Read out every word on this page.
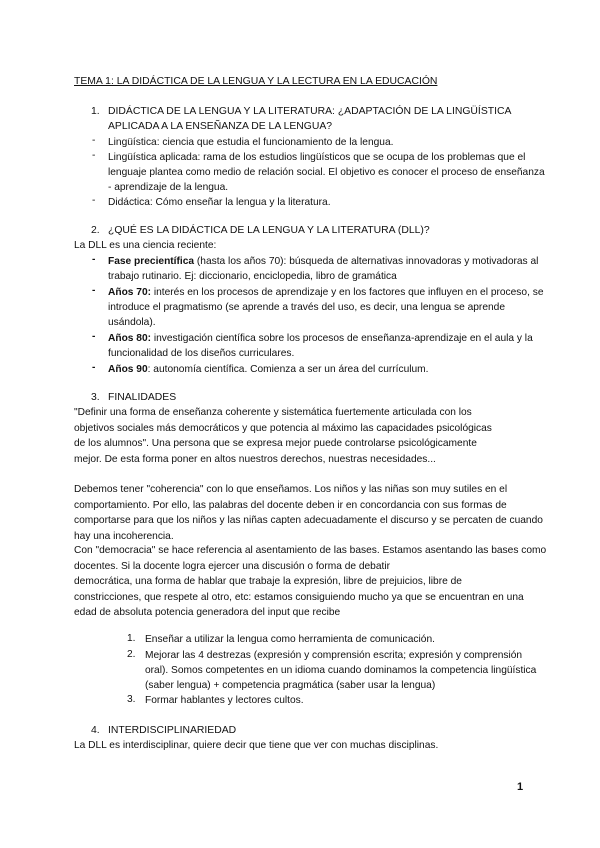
TEMA 1: LA DIDÁCTICA DE LA LENGUA Y LA LECTURA EN LA EDUCACIÓN
1. DIDÁCTICA DE LA LENGUA Y LA LITERATURA: ¿ADAPTACIÓN DE LA LINGÜÍSTICA
APLICADA A LA ENSEÑANZA DE LA LENGUA?
- Lingüística: ciencia que estudia el funcionamiento de la lengua.
- Lingüística aplicada: rama de los estudios lingüísticos que se ocupa de los problemas que el
lenguaje plantea como medio de relación social. El objetivo es conocer el proceso de enseñanza
- aprendizaje de la lengua.
- Didáctica: Cómo enseñar la lengua y la literatura.
2. ¿QUÉ ES LA DIDÁCTICA DE LA LENGUA Y LA LITERATURA (DLL)?
La DLL es una ciencia reciente:
- Fase precientífica (hasta los años 70): búsqueda de alternativas innovadoras y motivadoras al
trabajo rutinario. Ej: diccionario, enciclopedia, libro de gramática
- Años 70: interés en los procesos de aprendizaje y en los factores que influyen en el proceso, se
introduce el pragmatismo (se aprende a través del uso, es decir, una lengua se aprende
usándola).
- Años 80: investigación científica sobre los procesos de enseñanza-aprendizaje en el aula y la
funcionalidad de los diseños curriculares.
- Años 90: autonomía científica. Comienza a ser un área del currículum.
3. FINALIDADES
"Definir una forma de enseñanza coherente y sistemática fuertemente articulada con los
objetivos sociales más democráticos y que potencia al máximo las capacidades psicológicas
de los alumnos". Una persona que se expresa mejor puede controlarse psicológicamente
mejor. De esta forma poner en altos nuestros derechos, nuestras necesidades...
Debemos tener "coherencia" con lo que enseñamos. Los niños y las niñas son muy sutiles en el
comportamiento. Por ello, las palabras del docente deben ir en concordancia con sus formas de
comportarse para que los niños y las niñas capten adecuadamente el discurso y se percaten de cuando
hay una incoherencia.
Con "democracia" se hace referencia al asentamiento de las bases. Estamos asentando las bases como
docentes. Si la docente logra ejercer una discusión o forma de debatir
democrática, una forma de hablar que trabaje la expresión, libre de prejuicios, libre de
constricciones, que respete al otro, etc: estamos consiguiendo mucho ya que se encuentran en una
edad de absoluta potencia generadora del input que recibe
1. Enseñar a utilizar la lengua como herramienta de comunicación.
2. Mejorar las 4 destrezas (expresión y comprensión escrita; expresión y comprensión
oral). Somos competentes en un idioma cuando dominamos la competencia lingüística
(saber lengua) + competencia pragmática (saber usar la lengua)
3. Formar hablantes y lectores cultos.
4. INTERDISCIPLINARIEDAD
La DLL es interdisciplinar, quiere decir que tiene que ver con muchas disciplinas.
1
